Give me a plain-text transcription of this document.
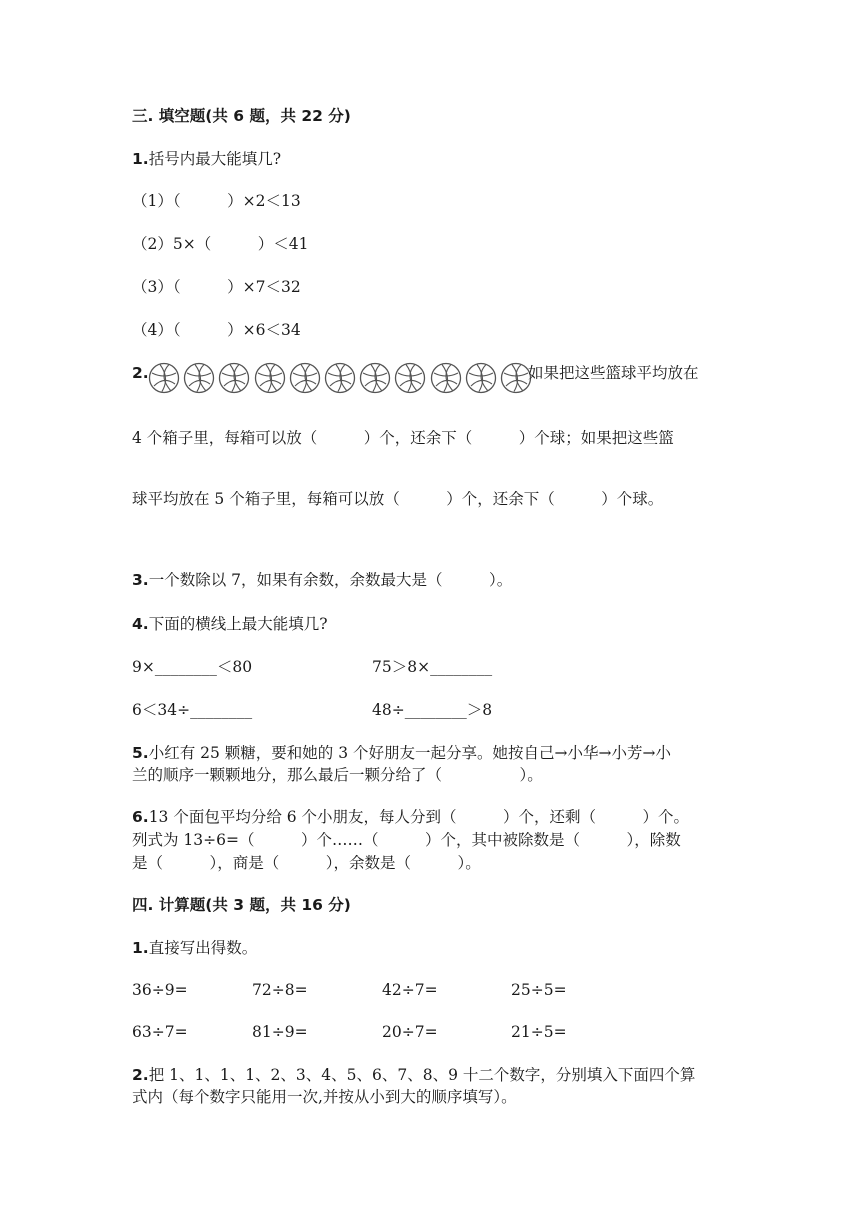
三. 填空题(共 6 题，共 22 分)
1.括号内最大能填几?
（1）（　　　）×2＜13
（2）5×（　　　）＜41
（3）（　　　）×7＜32
（4）（　　　）×6＜34
2.	如果把这些篮球平均放在
4 个箱子里，每箱可以放（　　　）个，还余下（　　　）个球；如果把这些篮
球平均放在 5 个箱子里，每箱可以放（　　　）个，还余下（　　　）个球。
3.一个数除以 7，如果有余数，余数最大是（　　　）。
4.下面的横线上最大能填几?
9×________＜80	75＞8×________
6＜34÷________	48÷________＞8
5.小红有 25 颗糖，要和她的 3 个好朋友一起分享。她按自己→小华→小芳→小
兰的顺序一颗颗地分，那么最后一颗分给了（　　　　　）。
6.13 个面包平均分给 6 个小朋友，每人分到（　　　）个，还剩（　　　）个。
列式为 13÷6=（　　　）个……（　　　）个，其中被除数是（　　　），除数
是（　　　），商是（　　　），余数是（　　　）。
四. 计算题(共 3 题，共 16 分)
1.直接写出得数。
36÷9=	72÷8=	42÷7=	25÷5=
63÷7=	81÷9=	20÷7=	21÷5=
2.把 1、1、1、1、2、3、4、5、6、7、8、9 十二个数字，分别填入下面四个算
式内（每个数字只能用一次,并按从小到大的顺序填写）。
